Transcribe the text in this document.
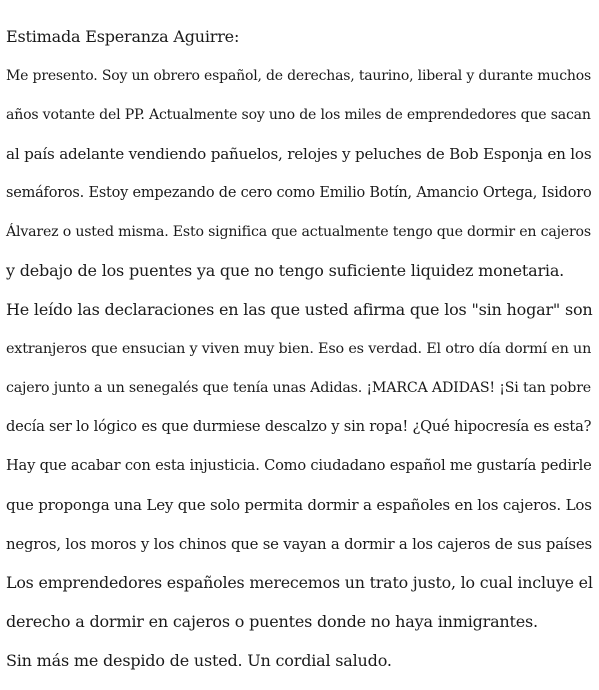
Estimada Esperanza Aguirre:
Me presento. Soy un obrero español, de derechas, taurino, liberal y durante muchos
años votante del PP. Actualmente soy uno de los miles de emprendedores que sacan
al país adelante vendiendo pañuelos, relojes y peluches de Bob Esponja en los
semáforos. Estoy empezando de cero como Emilio Botín, Amancio Ortega, Isidoro
Álvarez o usted misma. Esto significa que actualmente tengo que dormir en cajeros
y debajo de los puentes ya que no tengo suficiente liquidez monetaria.
He leído las declaraciones en las que usted afirma que los "sin hogar" son
extranjeros que ensucian y viven muy bien. Eso es verdad. El otro día dormí en un
cajero junto a un senegalés que tenía unas Adidas. ¡MARCA ADIDAS! ¡Si tan pobre
decía ser lo lógico es que durmiese descalzo y sin ropa! ¿Qué hipocresía es esta?
Hay que acabar con esta injusticia. Como ciudadano español me gustaría pedirle
que proponga una Ley que solo permita dormir a españoles en los cajeros. Los
negros, los moros y los chinos que se vayan a dormir a los cajeros de sus países
Los emprendedores españoles merecemos un trato justo, lo cual incluye el
derecho a dormir en cajeros o puentes donde no haya inmigrantes.
Sin más me despido de usted. Un cordial saludo.
